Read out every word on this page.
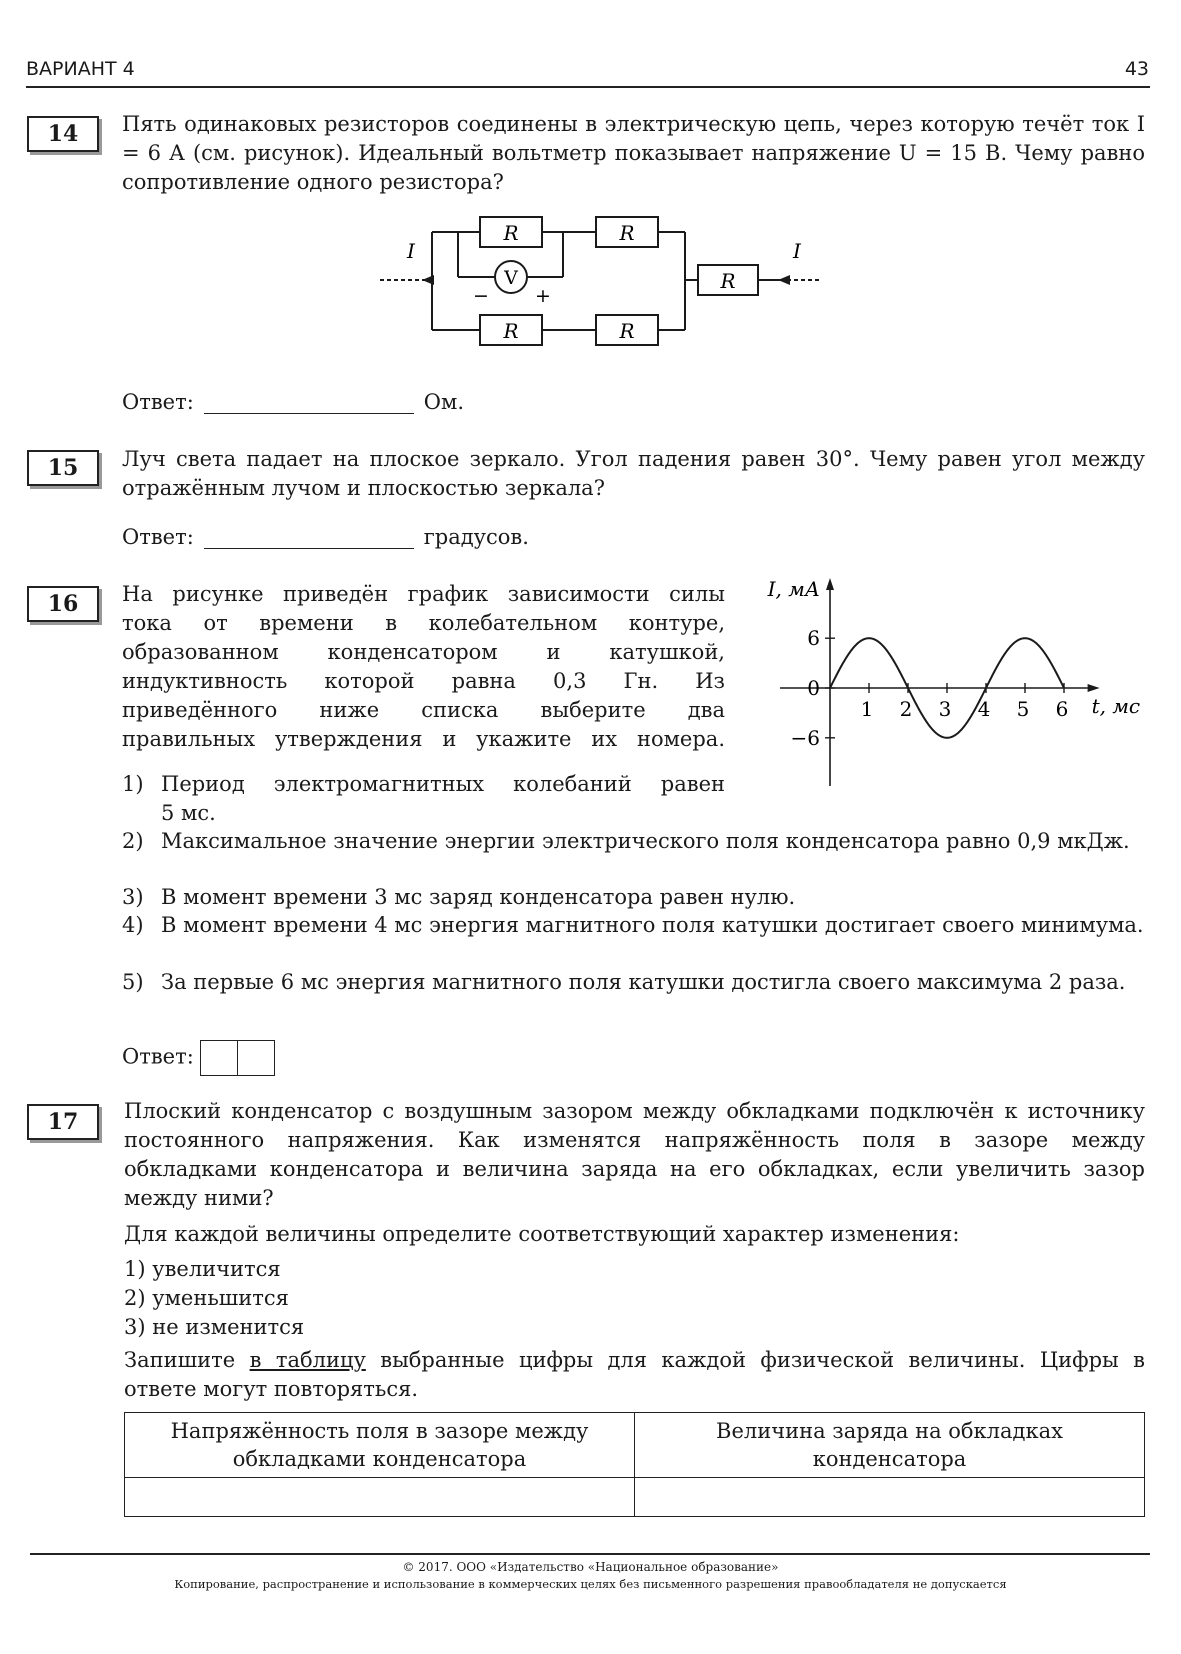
ВАРИАНТ 4	43
14	Пять одинаковых резисторов соединены в электрическую цепь, через которую течёт ток I = 6 А (см. рисунок). Идеальный вольтметр показывает напряжение U = 15 В. Чему равно сопротивление одного резистора?
R	R
R	R
R
V
− +
I	I
Ответ:	Ом.
15	Луч света падает на плоское зеркало. Угол падения равен 30°. Чему равен угол между отражённым лучом и плоскостью зеркала?
Ответ:	градусов.
16	На рисунке приведён график зависимости силы

тока от времени в колебательном контуре,

образованном конденсатором и катушкой,

индуктивность которой равна 0,3 Гн. Из

приведённого ниже списка выберите два

правильных утверждения и укажите их номера.

I, мА
t, мс
6
0
−6
1 2 3 4 5 6
1) Период электромагнитных колебаний равен

5 мс.

2) Максимальное значение энергии электрического поля конденсатора равно 0,9 мкДж.
3) В момент времени 3 мс заряд конденсатора равен нулю.
4) В момент времени 4 мс энергия магнитного поля катушки достигает своего минимума.
5) За первые 6 мс энергия магнитного поля катушки достигла своего максимума 2 раза.
Ответ:
17	Плоский конденсатор с воздушным зазором между обкладками подключён к источнику постоянного напряжения. Как изменятся напряжённость поля в зазоре между обкладками конденсатора и величина заряда на его обкладках, если увеличить зазор между ними?
Для каждой величины определите соответствующий характер изменения:

1) увеличится

2) уменьшится

3) не изменится

Запишите в таблицу выбранные цифры для каждой физической величины. Цифры в ответе могут повторяться.
Напряжённость поля в зазоре между обкладками конденсатора	Величина заряда на обкладках конденсатора

© 2017. ООО «Издательство «Национальное образование»
Копирование, распространение и использование в коммерческих целях без письменного разрешения правообладателя не допускается
